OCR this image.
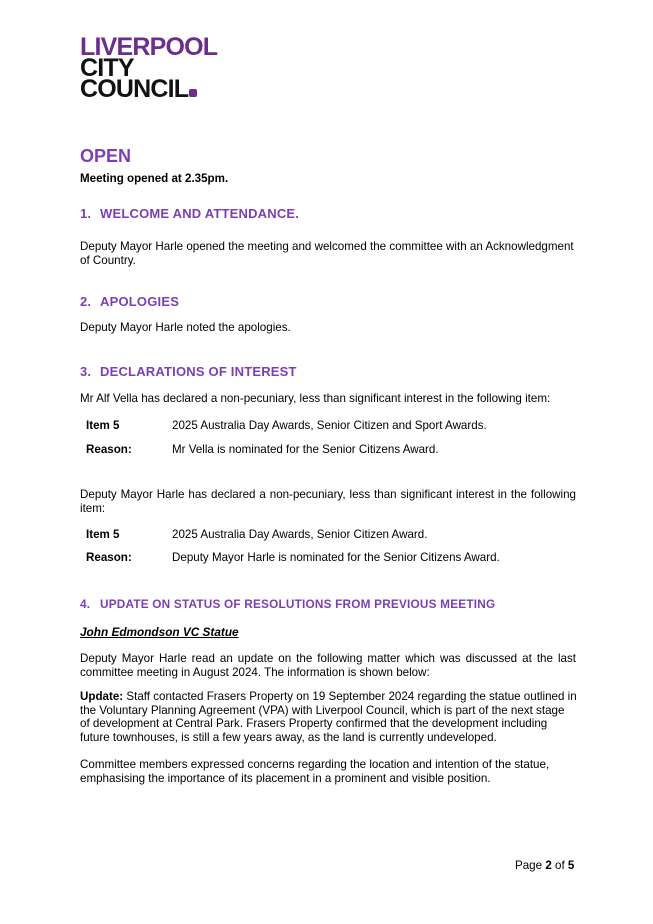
LIVERPOOL
CITY
COUNCIL
OPEN
Meeting opened at 2.35pm.
1. WELCOME AND ATTENDANCE.
Deputy Mayor Harle opened the meeting and welcomed the committee with an Acknowledgment of Country.
2. APOLOGIES
Deputy Mayor Harle noted the apologies.
3. DECLARATIONS OF INTEREST
Mr Alf Vella has declared a non-pecuniary, less than significant interest in the following item:
Item 5	2025 Australia Day Awards, Senior Citizen and Sport Awards.
Reason:	Mr Vella is nominated for the Senior Citizens Award.
Deputy Mayor Harle has declared a non-pecuniary, less than significant interest in the following item:
Item 5	2025 Australia Day Awards, Senior Citizen Award.
Reason:	Deputy Mayor Harle is nominated for the Senior Citizens Award.
4. UPDATE ON STATUS OF RESOLUTIONS FROM PREVIOUS MEETING
John Edmondson VC Statue
Deputy Mayor Harle read an update on the following matter which was discussed at the last committee meeting in August 2024. The information is shown below:
Update: Staff contacted Frasers Property on 19 September 2024 regarding the statue outlined in
the Voluntary Planning Agreement (VPA) with Liverpool Council, which is part of the next stage
of development at Central Park. Frasers Property confirmed that the development including
future townhouses, is still a few years away, as the land is currently undeveloped.
Committee members expressed concerns regarding the location and intention of the statue,
emphasising the importance of its placement in a prominent and visible position.
Page 2 of 5
